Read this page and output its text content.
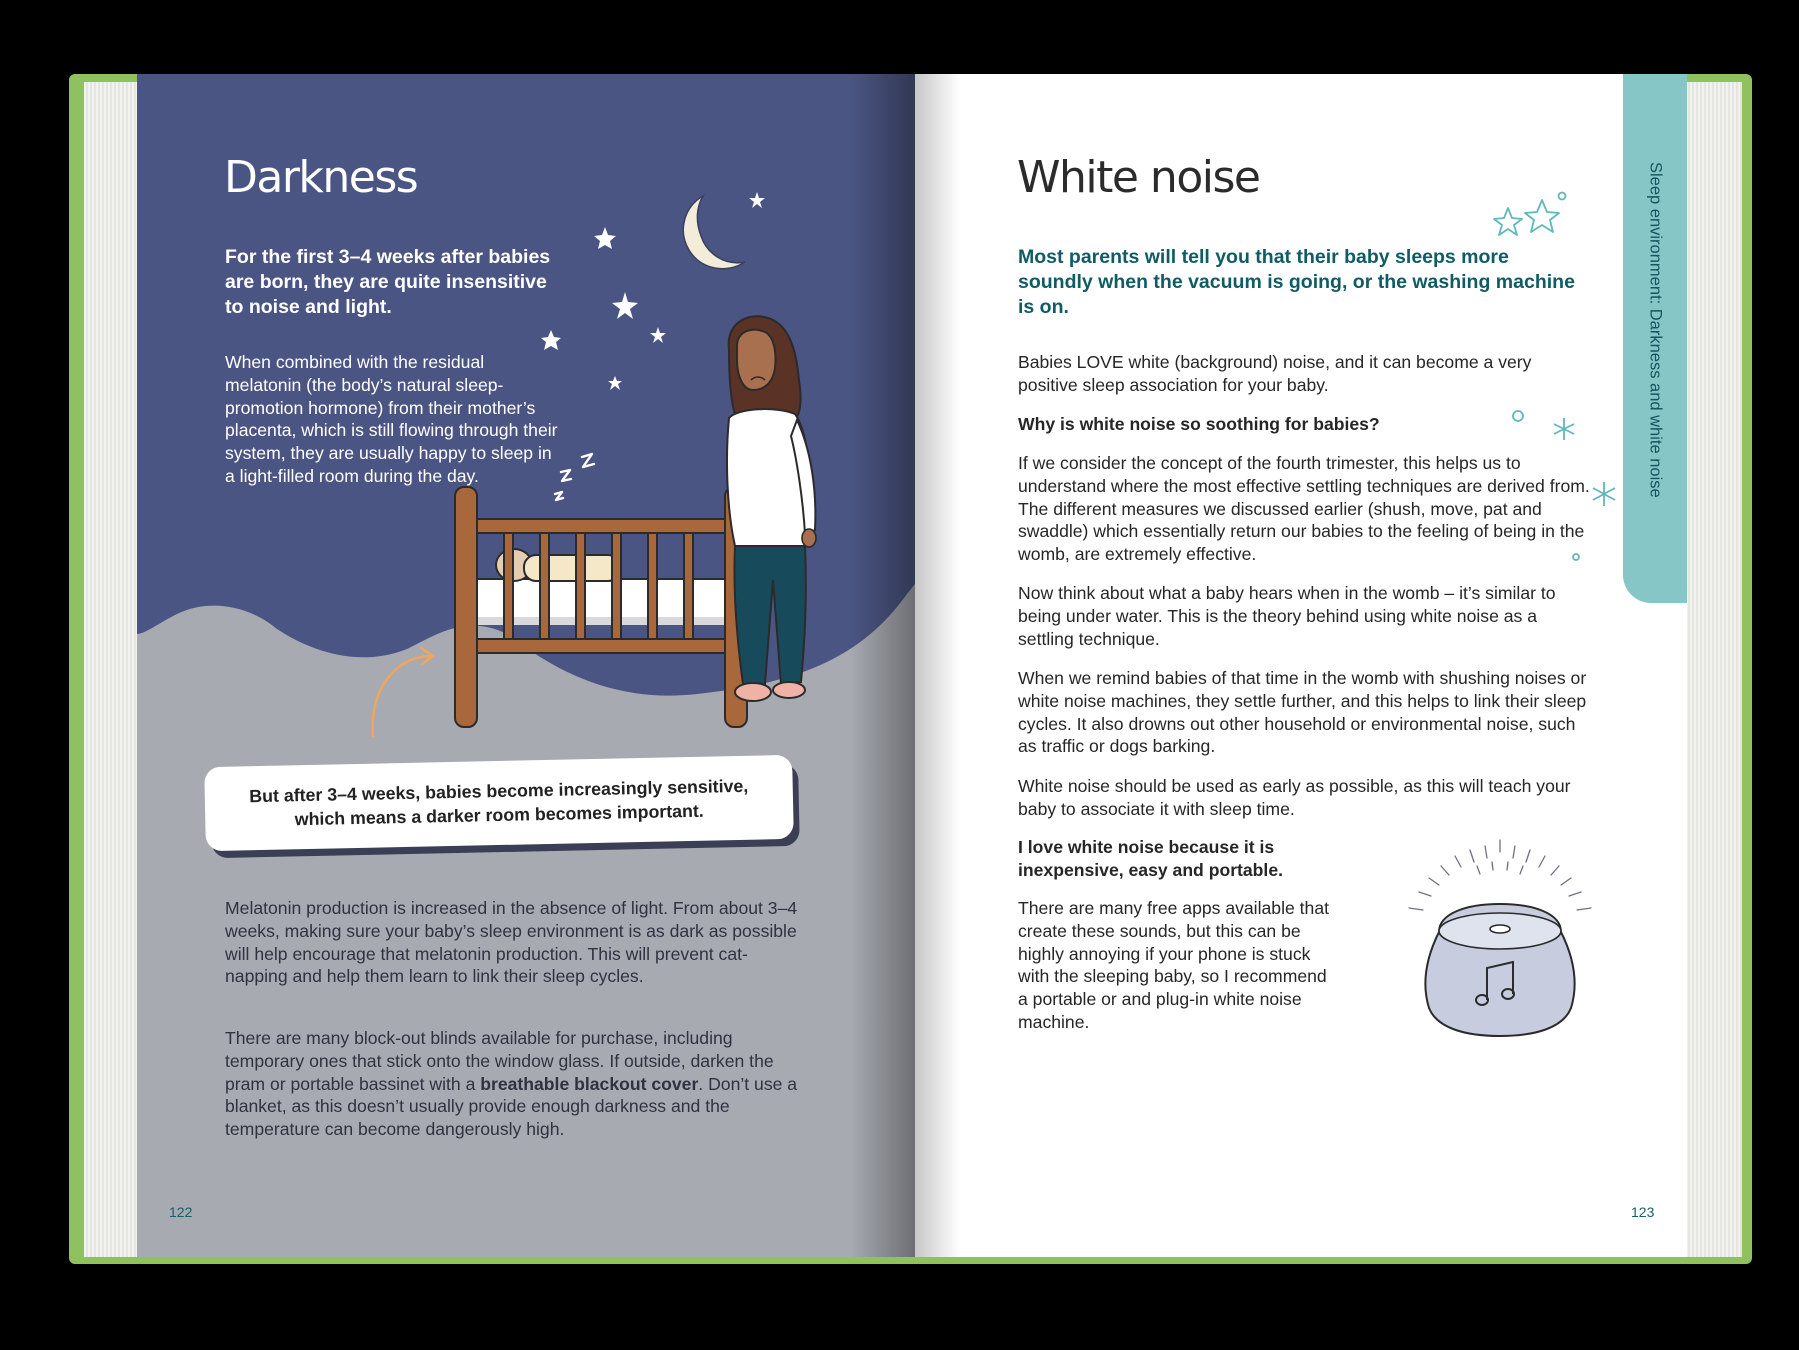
Sleep environment: Darkness and white noise
Darkness

For the first 3–4 weeks after babies are born, they are quite insensitive to noise and light.

When combined with the residual melatonin (the body’s natural sleep-promotion hormone) from their mother’s placenta, which is still flowing through their system, they are usually happy to sleep in a light-filled room during the day.

But after 3–4 weeks, babies become increasingly sensitive, which means a darker room becomes important.

Melatonin production is increased in the absence of light. From about 3–4 weeks, making sure your baby’s sleep environment is as dark as possible will help encourage that melatonin production. This will prevent cat-napping and help them learn to link their sleep cycles.

There are many block-out blinds available for purchase, including temporary ones that stick onto the window glass. If outside, darken the pram or portable bassinet with a breathable blackout cover. Don’t use a blanket, as this doesn’t usually provide enough darkness and the temperature can become dangerously high.

122
White noise

Most parents will tell you that their baby sleeps more soundly when the vacuum is going, or the washing machine is on.

Babies LOVE white (background) noise, and it can become a very positive sleep association for your baby.

Why is white noise so soothing for babies?

If we consider the concept of the fourth trimester, this helps us to understand where the most effective settling techniques are derived from. The different measures we discussed earlier (shush, move, pat and swaddle) which essentially return our babies to the feeling of being in the womb, are extremely effective.

Now think about what a baby hears when in the womb – it’s similar to being under water. This is the theory behind using white noise as a settling technique.

When we remind babies of that time in the womb with shushing noises or white noise machines, they settle further, and this helps to link their sleep cycles. It also drowns out other household or environmental noise, such as traffic or dogs barking.

White noise should be used as early as possible, as this will teach your baby to associate it with sleep time.

I love white noise because it is inexpensive, easy and portable.

There are many free apps available that create these sounds, but this can be highly annoying if your phone is stuck with the sleeping baby, so I recommend a portable or and plug-in white noise machine.

123
